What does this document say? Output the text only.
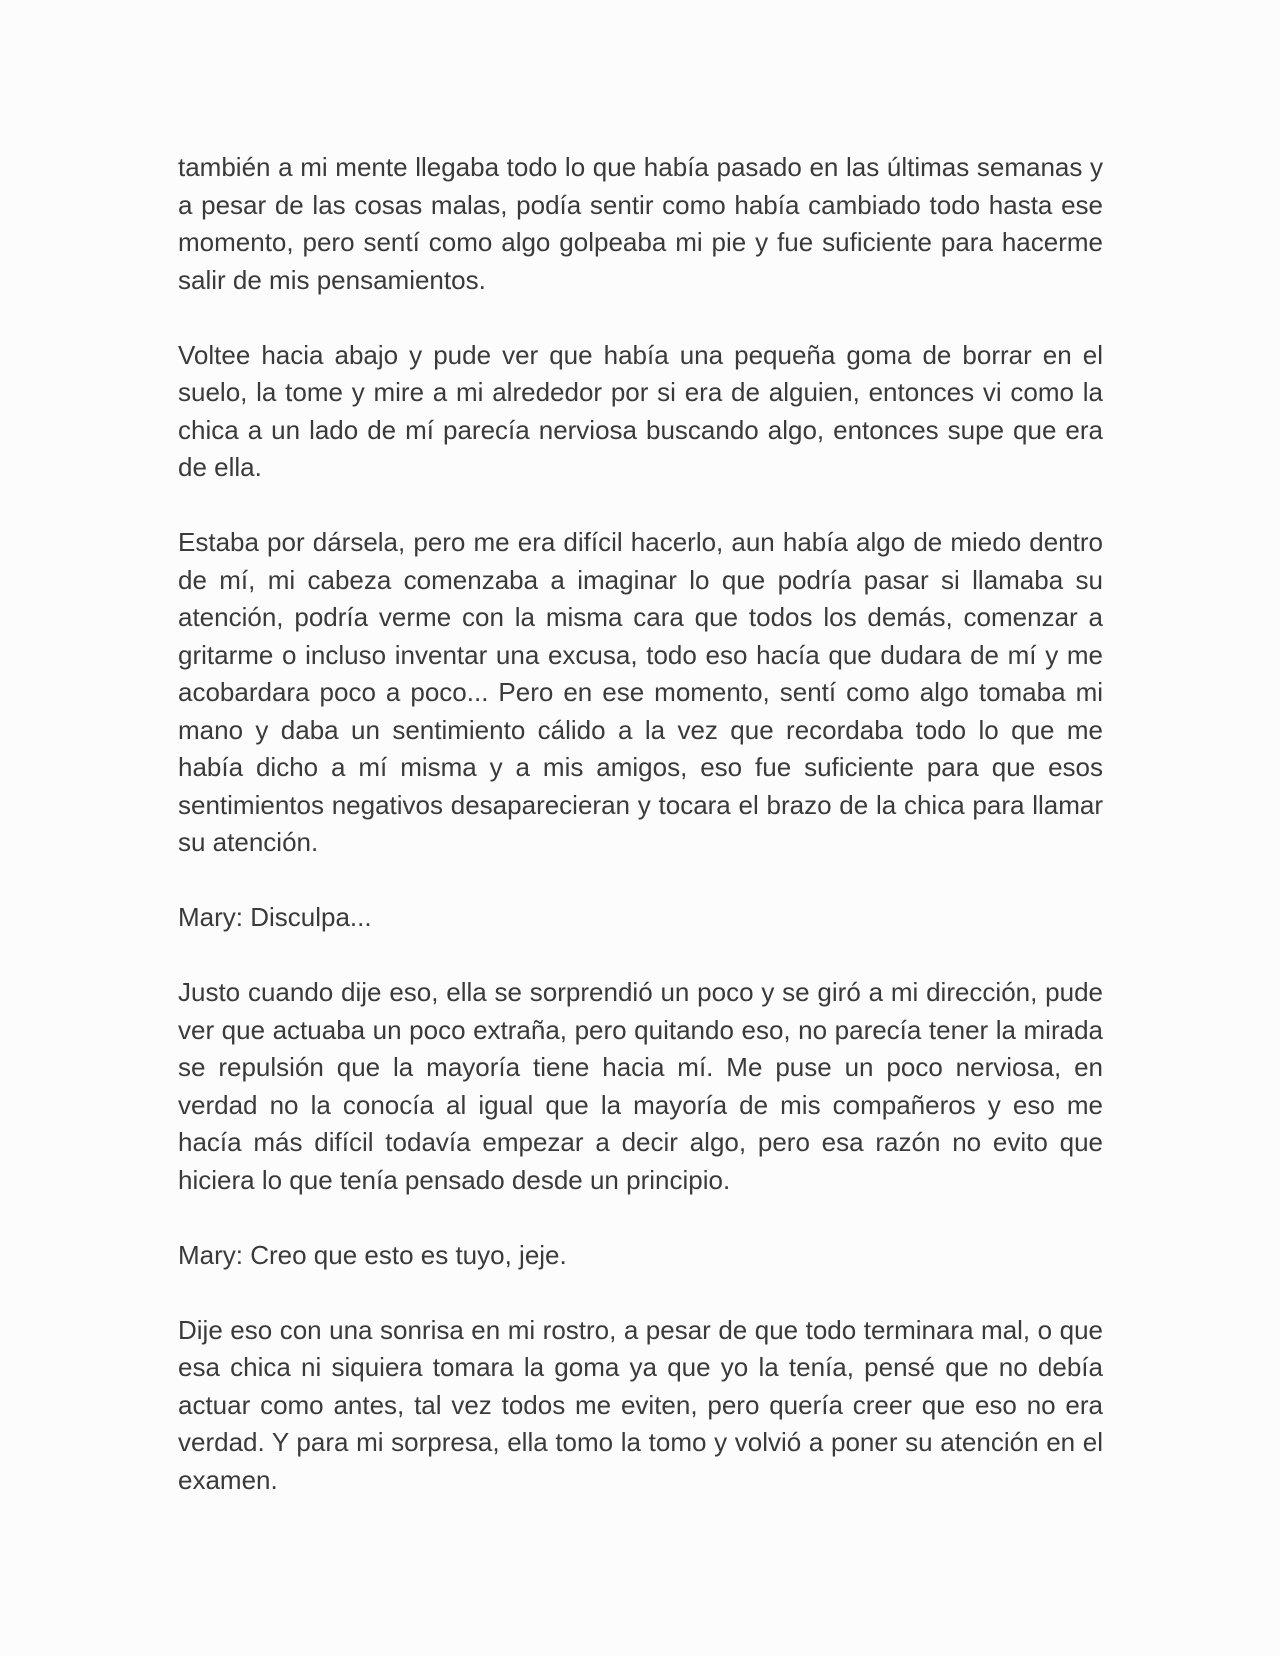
también a mi mente llegaba todo lo que había pasado en las últimas semanas y a pesar de las cosas malas, podía sentir como había cambiado todo hasta ese momento, pero sentí como algo golpeaba mi pie y fue suficiente para hacerme salir de mis pensamientos.

Voltee hacia abajo y pude ver que había una pequeña goma de borrar en el suelo, la tome y mire a mi alrededor por si era de alguien, entonces vi como la chica a un lado de mí parecía nerviosa buscando algo, entonces supe que era de ella.

Estaba por dársela, pero me era difícil hacerlo, aun había algo de miedo dentro de mí, mi cabeza comenzaba a imaginar lo que podría pasar si llamaba su atención, podría verme con la misma cara que todos los demás, comenzar a gritarme o incluso inventar una excusa, todo eso hacía que dudara de mí y me acobardara poco a poco... Pero en ese momento, sentí como algo tomaba mi mano y daba un sentimiento cálido a la vez que recordaba todo lo que me había dicho a mí misma y a mis amigos, eso fue suficiente para que esos sentimientos negativos desaparecieran y tocara el brazo de la chica para llamar su atención.

Mary: Disculpa...

Justo cuando dije eso, ella se sorprendió un poco y se giró a mi dirección, pude ver que actuaba un poco extraña, pero quitando eso, no parecía tener la mirada se repulsión que la mayoría tiene hacia mí. Me puse un poco nerviosa, en verdad no la conocía al igual que la mayoría de mis compañeros y eso me hacía más difícil todavía empezar a decir algo, pero esa razón no evito que hiciera lo que tenía pensado desde un principio.

Mary: Creo que esto es tuyo, jeje.

Dije eso con una sonrisa en mi rostro, a pesar de que todo terminara mal, o que esa chica ni siquiera tomara la goma ya que yo la tenía, pensé que no debía actuar como antes, tal vez todos me eviten, pero quería creer que eso no era verdad. Y para mi sorpresa, ella tomo la tomo y volvió a poner su atención en el examen.
